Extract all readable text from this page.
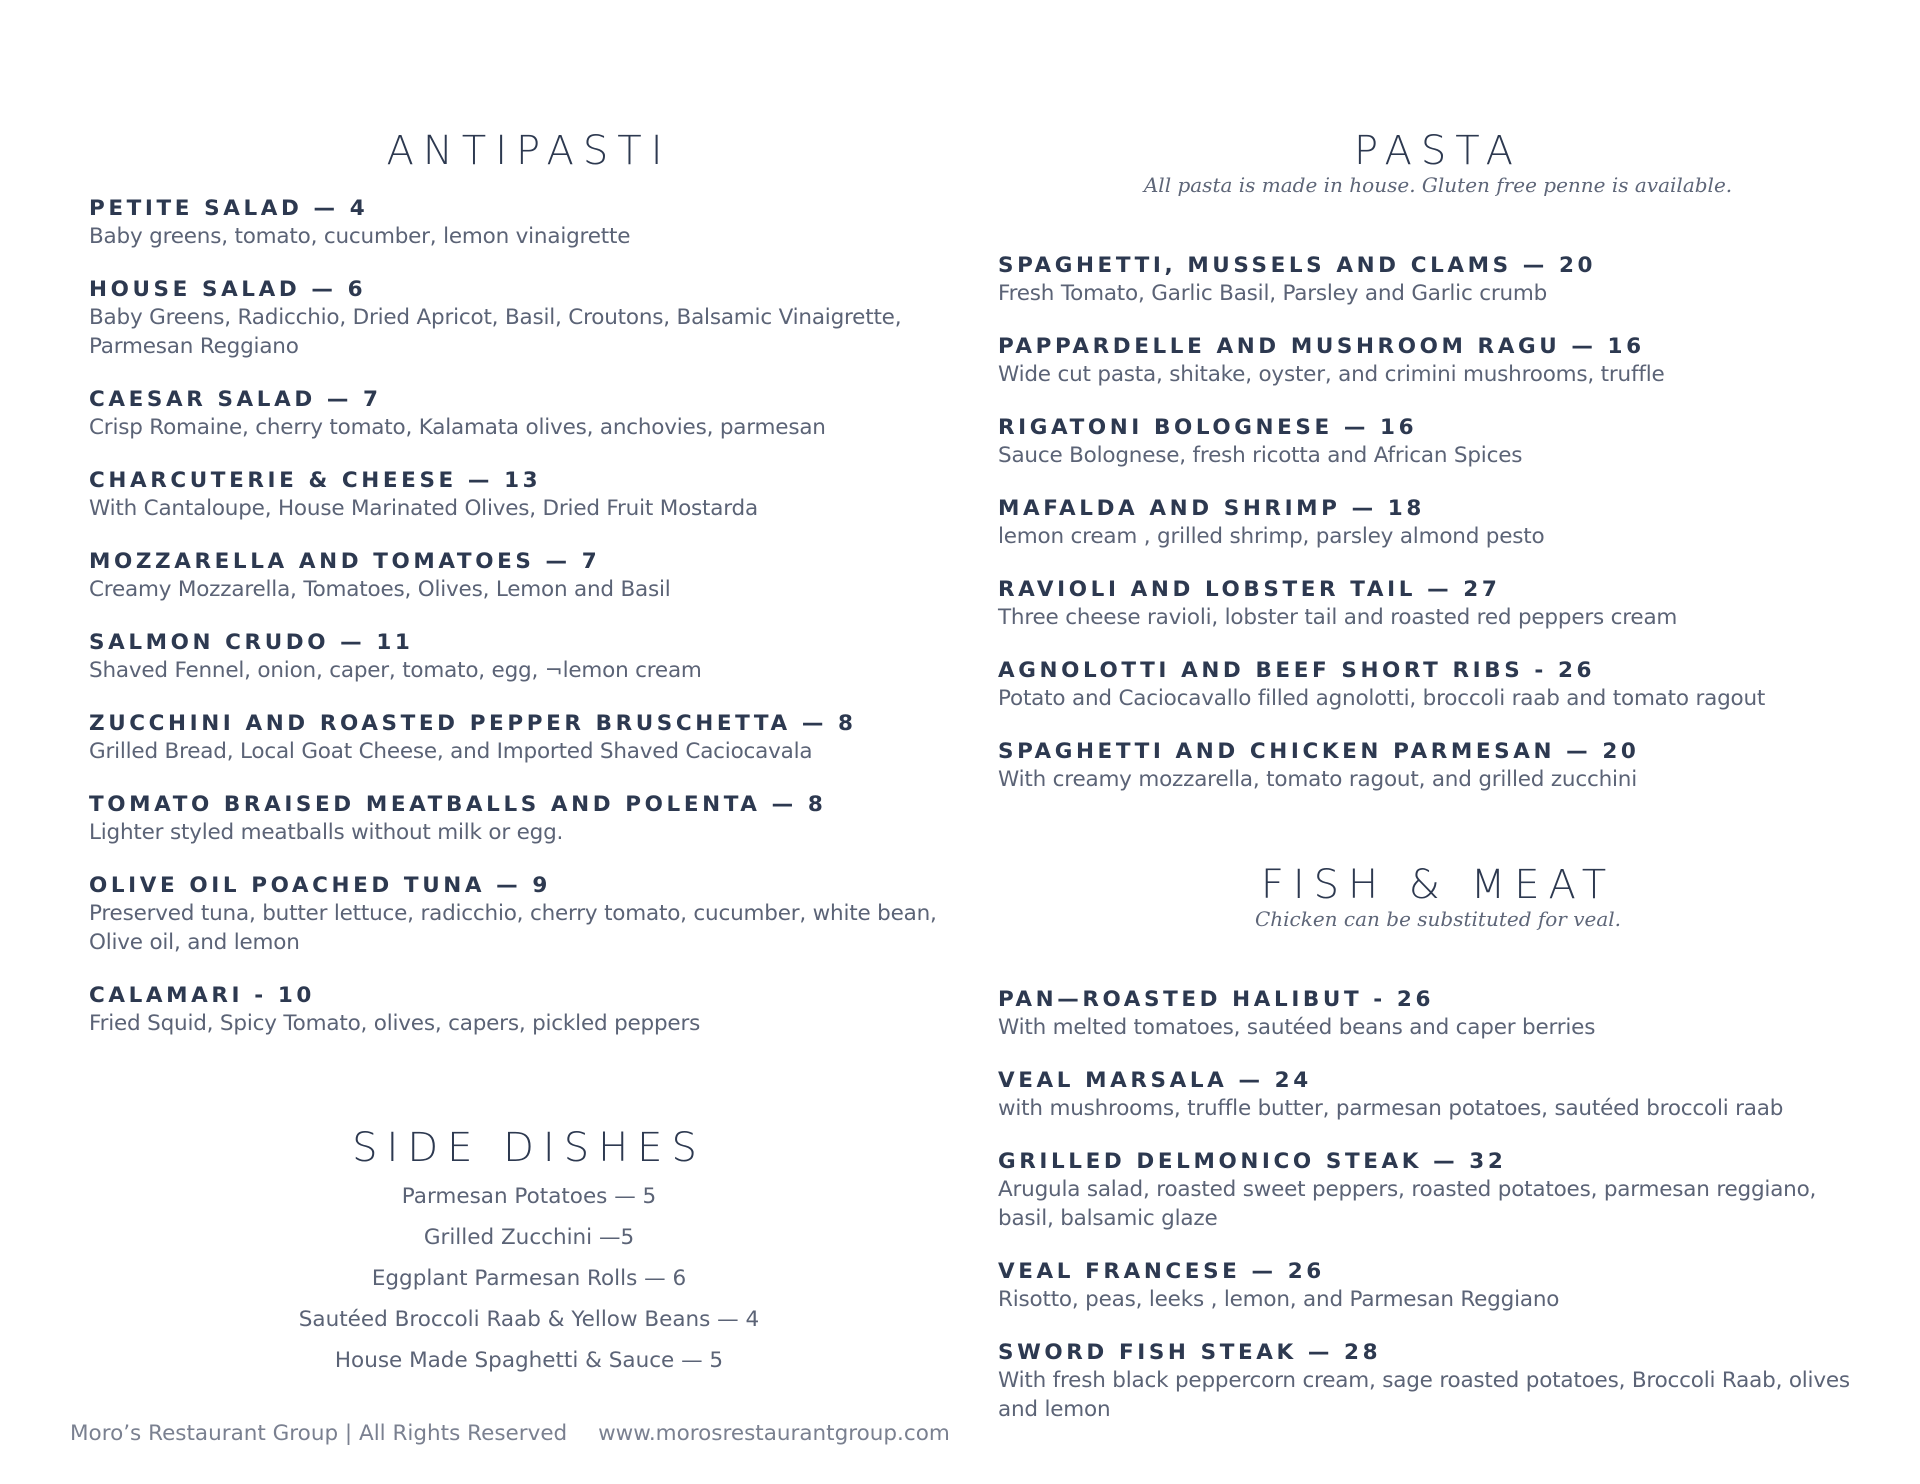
ANTIPASTI
PETITE SALAD — 4
Baby greens, tomato, cucumber, lemon vinaigrette
HOUSE SALAD — 6
Baby Greens, Radicchio, Dried Apricot, Basil, Croutons, Balsamic Vinaigrette, Parmesan Reggiano
CAESAR SALAD — 7
Crisp Romaine, cherry tomato, Kalamata olives, anchovies, parmesan
CHARCUTERIE & CHEESE — 13
With Cantaloupe, House Marinated Olives, Dried Fruit Mostarda
MOZZARELLA AND TOMATOES — 7
Creamy Mozzarella, Tomatoes, Olives, Lemon and Basil
SALMON CRUDO — 11
Shaved Fennel, onion, caper, tomato, egg, ¬lemon cream
ZUCCHINI AND ROASTED PEPPER BRUSCHETTA — 8
Grilled Bread, Local Goat Cheese, and Imported Shaved Caciocavala
TOMATO BRAISED MEATBALLS AND POLENTA — 8
Lighter styled meatballs without milk or egg.
OLIVE OIL POACHED TUNA — 9
Preserved tuna, butter lettuce, radicchio, cherry tomato, cucumber, white bean, Olive oil, and lemon
CALAMARI - 10
Fried Squid, Spicy Tomato, olives, capers, pickled peppers
SIDE DISHES
Parmesan Potatoes — 5
Grilled Zucchini —5
Eggplant Parmesan Rolls — 6
Sautéed Broccoli Raab & Yellow Beans — 4
House Made Spaghetti & Sauce — 5
PASTA
All pasta is made in house. Gluten free penne is available.
SPAGHETTI, MUSSELS AND CLAMS — 20
Fresh Tomato, Garlic Basil, Parsley and Garlic crumb
PAPPARDELLE AND MUSHROOM RAGU — 16
Wide cut pasta, shitake, oyster, and crimini mushrooms, truffle
RIGATONI BOLOGNESE — 16
Sauce Bolognese, fresh ricotta and African Spices
MAFALDA AND SHRIMP — 18
lemon cream , grilled shrimp, parsley almond pesto
RAVIOLI AND LOBSTER TAIL — 27
Three cheese ravioli, lobster tail and roasted red peppers cream
AGNOLOTTI AND BEEF SHORT RIBS - 26
Potato and Caciocavallo filled agnolotti, broccoli raab and tomato ragout
SPAGHETTI AND CHICKEN PARMESAN — 20
With creamy mozzarella, tomato ragout, and grilled zucchini
FISH & MEAT
Chicken can be substituted for veal.
PAN—ROASTED HALIBUT - 26
With melted tomatoes, sautéed beans and caper berries
VEAL MARSALA — 24
with mushrooms, truffle butter, parmesan potatoes, sautéed broccoli raab
GRILLED DELMONICO STEAK — 32
Arugula salad, roasted sweet peppers, roasted potatoes, parmesan reggiano, basil, balsamic glaze
VEAL FRANCESE — 26
Risotto, peas, leeks , lemon, and Parmesan Reggiano
SWORD FISH STEAK — 28
With fresh black peppercorn cream, sage roasted potatoes, Broccoli Raab, olives and lemon
Moro’s Restaurant Group | All Rights Reserved www.morosrestaurantgroup.com
